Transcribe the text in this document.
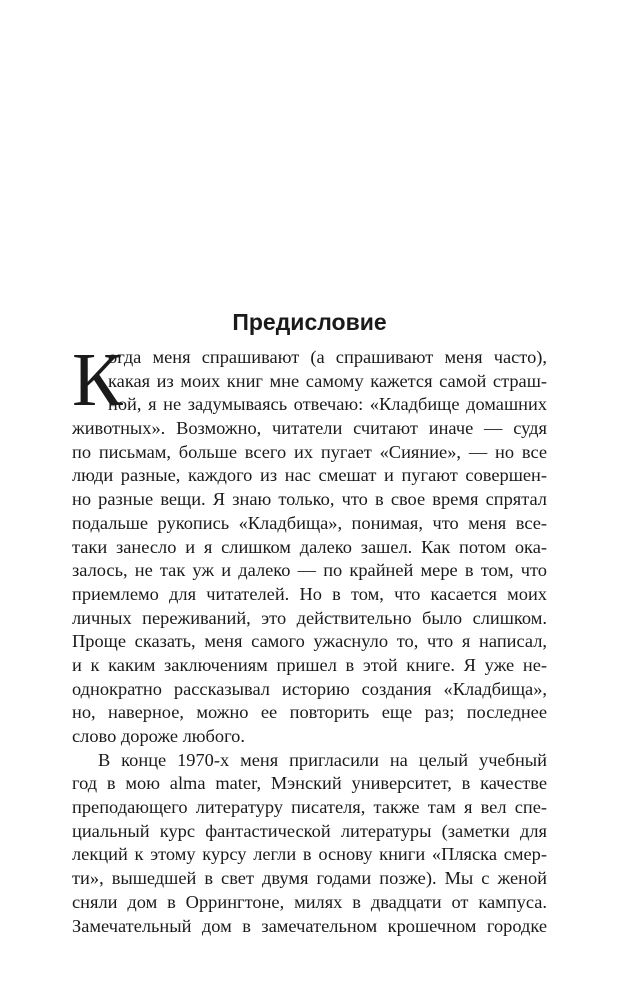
Предисловие
К
огда меня спрашивают (а спрашивают меня часто),
какая из моих книг мне самому кажется самой страш-
ной, я не задумываясь отвечаю: «Кладбище домашних
животных». Возможно, читатели считают иначе — судя
по письмам, больше всего их пугает «Сияние», — но все
люди разные, каждого из нас смешат и пугают совершен-
но разные вещи. Я знаю только, что в свое время спрятал
подальше рукопись «Кладбища», понимая, что меня все-
таки занесло и я слишком далеко зашел. Как потом ока-
залось, не так уж и далеко — по крайней мере в том, что
приемлемо для читателей. Но в том, что касается моих
личных переживаний, это действительно было слишком.
Проще сказать, меня самого ужаснуло то, что я написал,
и к каким заключениям пришел в этой книге. Я уже не-
однократно рассказывал историю создания «Кладбища»,
но, наверное, можно ее повторить еще раз; последнее
слово дороже любого.
В конце 1970-х меня пригласили на целый учебный
год в мою alma mater, Мэнский университет, в качестве
преподающего литературу писателя, также там я вел спе-
циальный курс фантастической литературы (заметки для
лекций к этому курсу легли в основу книги «Пляска смер-
ти», вышедшей в свет двумя годами позже). Мы с женой
сняли дом в Оррингтоне, милях в двадцати от кампуса.
Замечательный дом в замечательном крошечном городке
